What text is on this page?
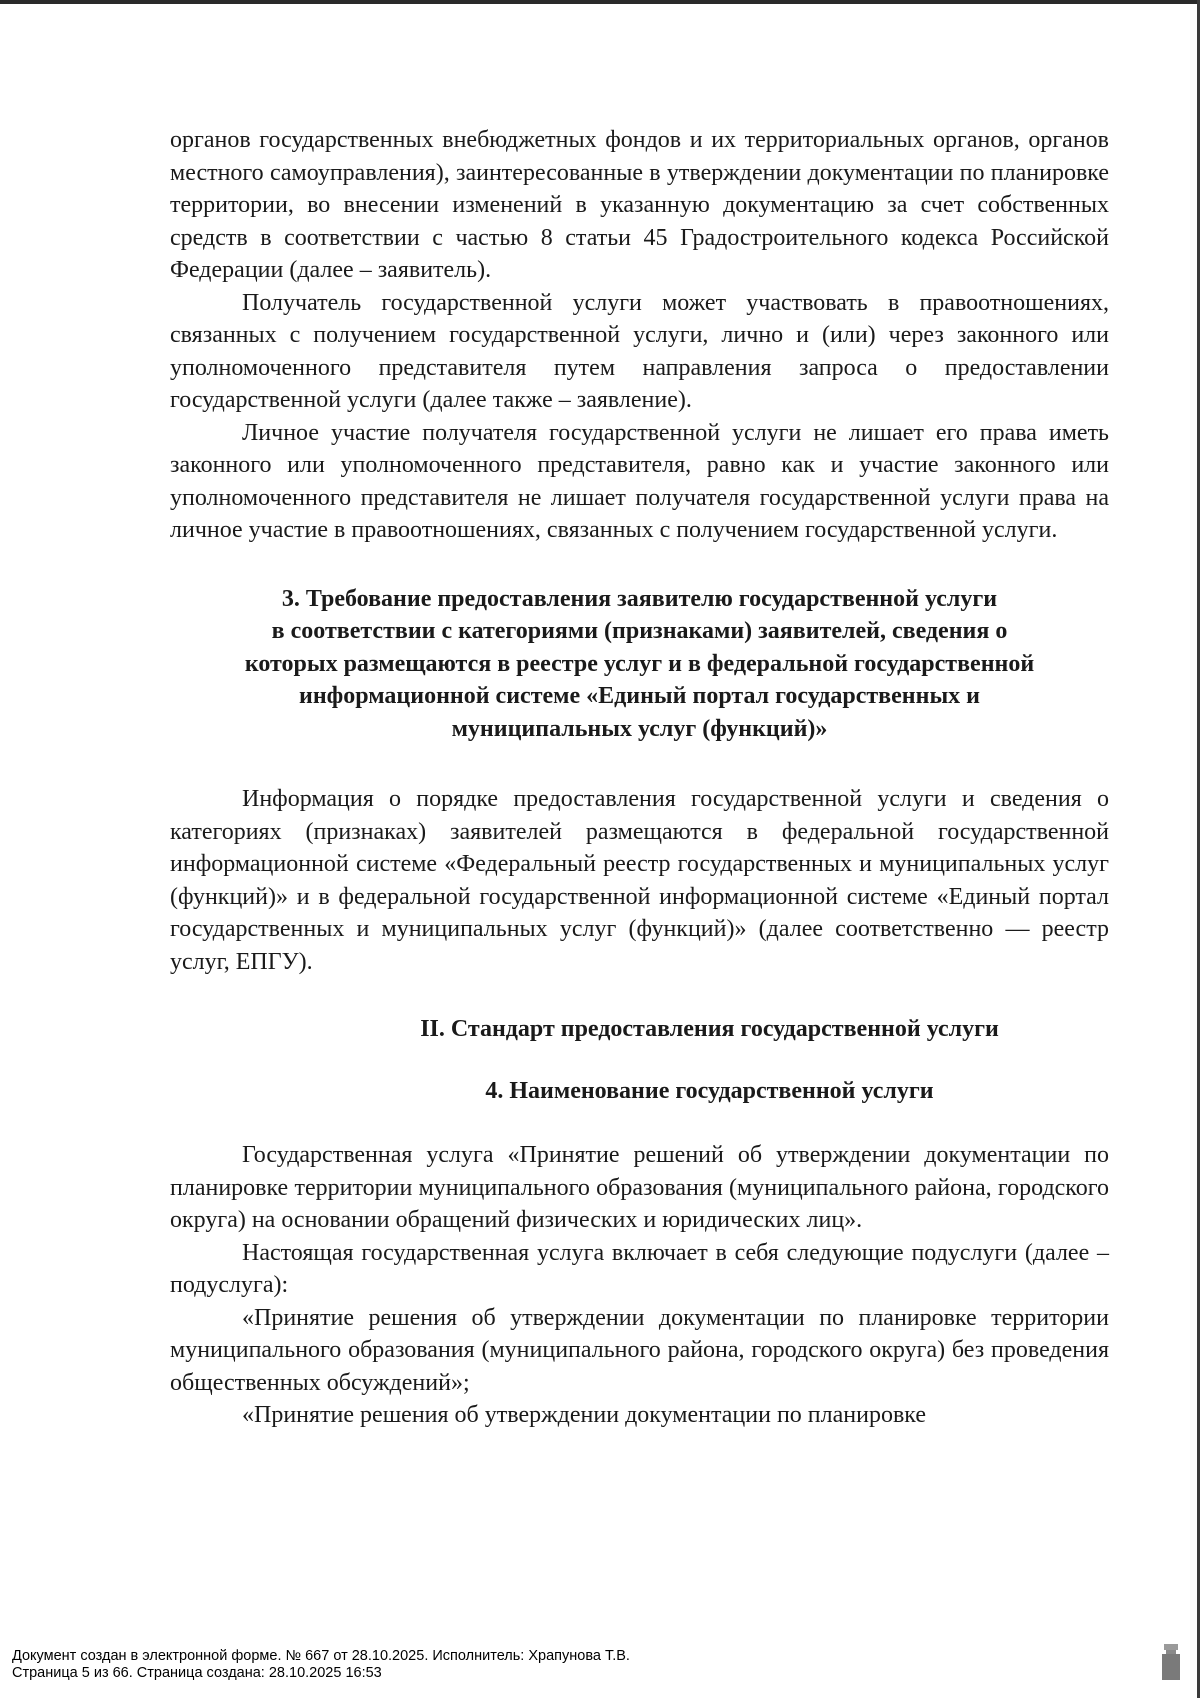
органов государственных внебюджетных фондов и их территориальных органов, органов местного самоуправления), заинтересованные в утверждении документации по планировке территории, во внесении изменений в указанную документацию за счет собственных средств в соответствии с частью 8 статьи 45 Градостроительного кодекса Российской Федерации (далее – заявитель).

Получатель государственной услуги может участвовать в правоотношениях, связанных с получением государственной услуги, лично и (или) через законного или уполномоченного представителя путем направления запроса о предоставлении государственной услуги (далее также – заявление).

Личное участие получателя государственной услуги не лишает его права иметь законного или уполномоченного представителя, равно как и участие законного или уполномоченного представителя не лишает получателя государственной услуги права на личное участие в правоотношениях, связанных с получением государственной услуги.

3. Требование предоставления заявителю государственной услуги
в соответствии с категориями (признаками) заявителей, сведения о
которых размещаются в реестре услуг и в федеральной государственной
информационной системе «Единый портал государственных и
муниципальных услуг (функций)»

Информация о порядке предоставления государственной услуги и сведения о категориях (признаках) заявителей размещаются в федеральной государственной информационной системе «Федеральный реестр государственных и муниципальных услуг (функций)» и в федеральной государственной информационной системе «Единый портал государственных и муниципальных услуг (функций)» (далее соответственно — реестр услуг, ЕПГУ).

II. Стандарт предоставления государственной услуги
4. Наименование государственной услуги

Государственная услуга «Принятие решений об утверждении документации по планировке территории муниципального образования (муниципального района, городского округа) на основании обращений физических и юридических лиц».

Настоящая государственная услуга включает в себя следующие подуслуги (далее – подуслуга):

«Принятие решения об утверждении документации по планировке территории муниципального образования (муниципального района, городского округа) без проведения общественных обсуждений»;

«Принятие решения об утверждении документации по планировке

Документ создан в электронной форме. № 667 от 28.10.2025. Исполнитель: Храпунова Т.В.
Страница 5 из 66. Страница создана: 28.10.2025 16:53
